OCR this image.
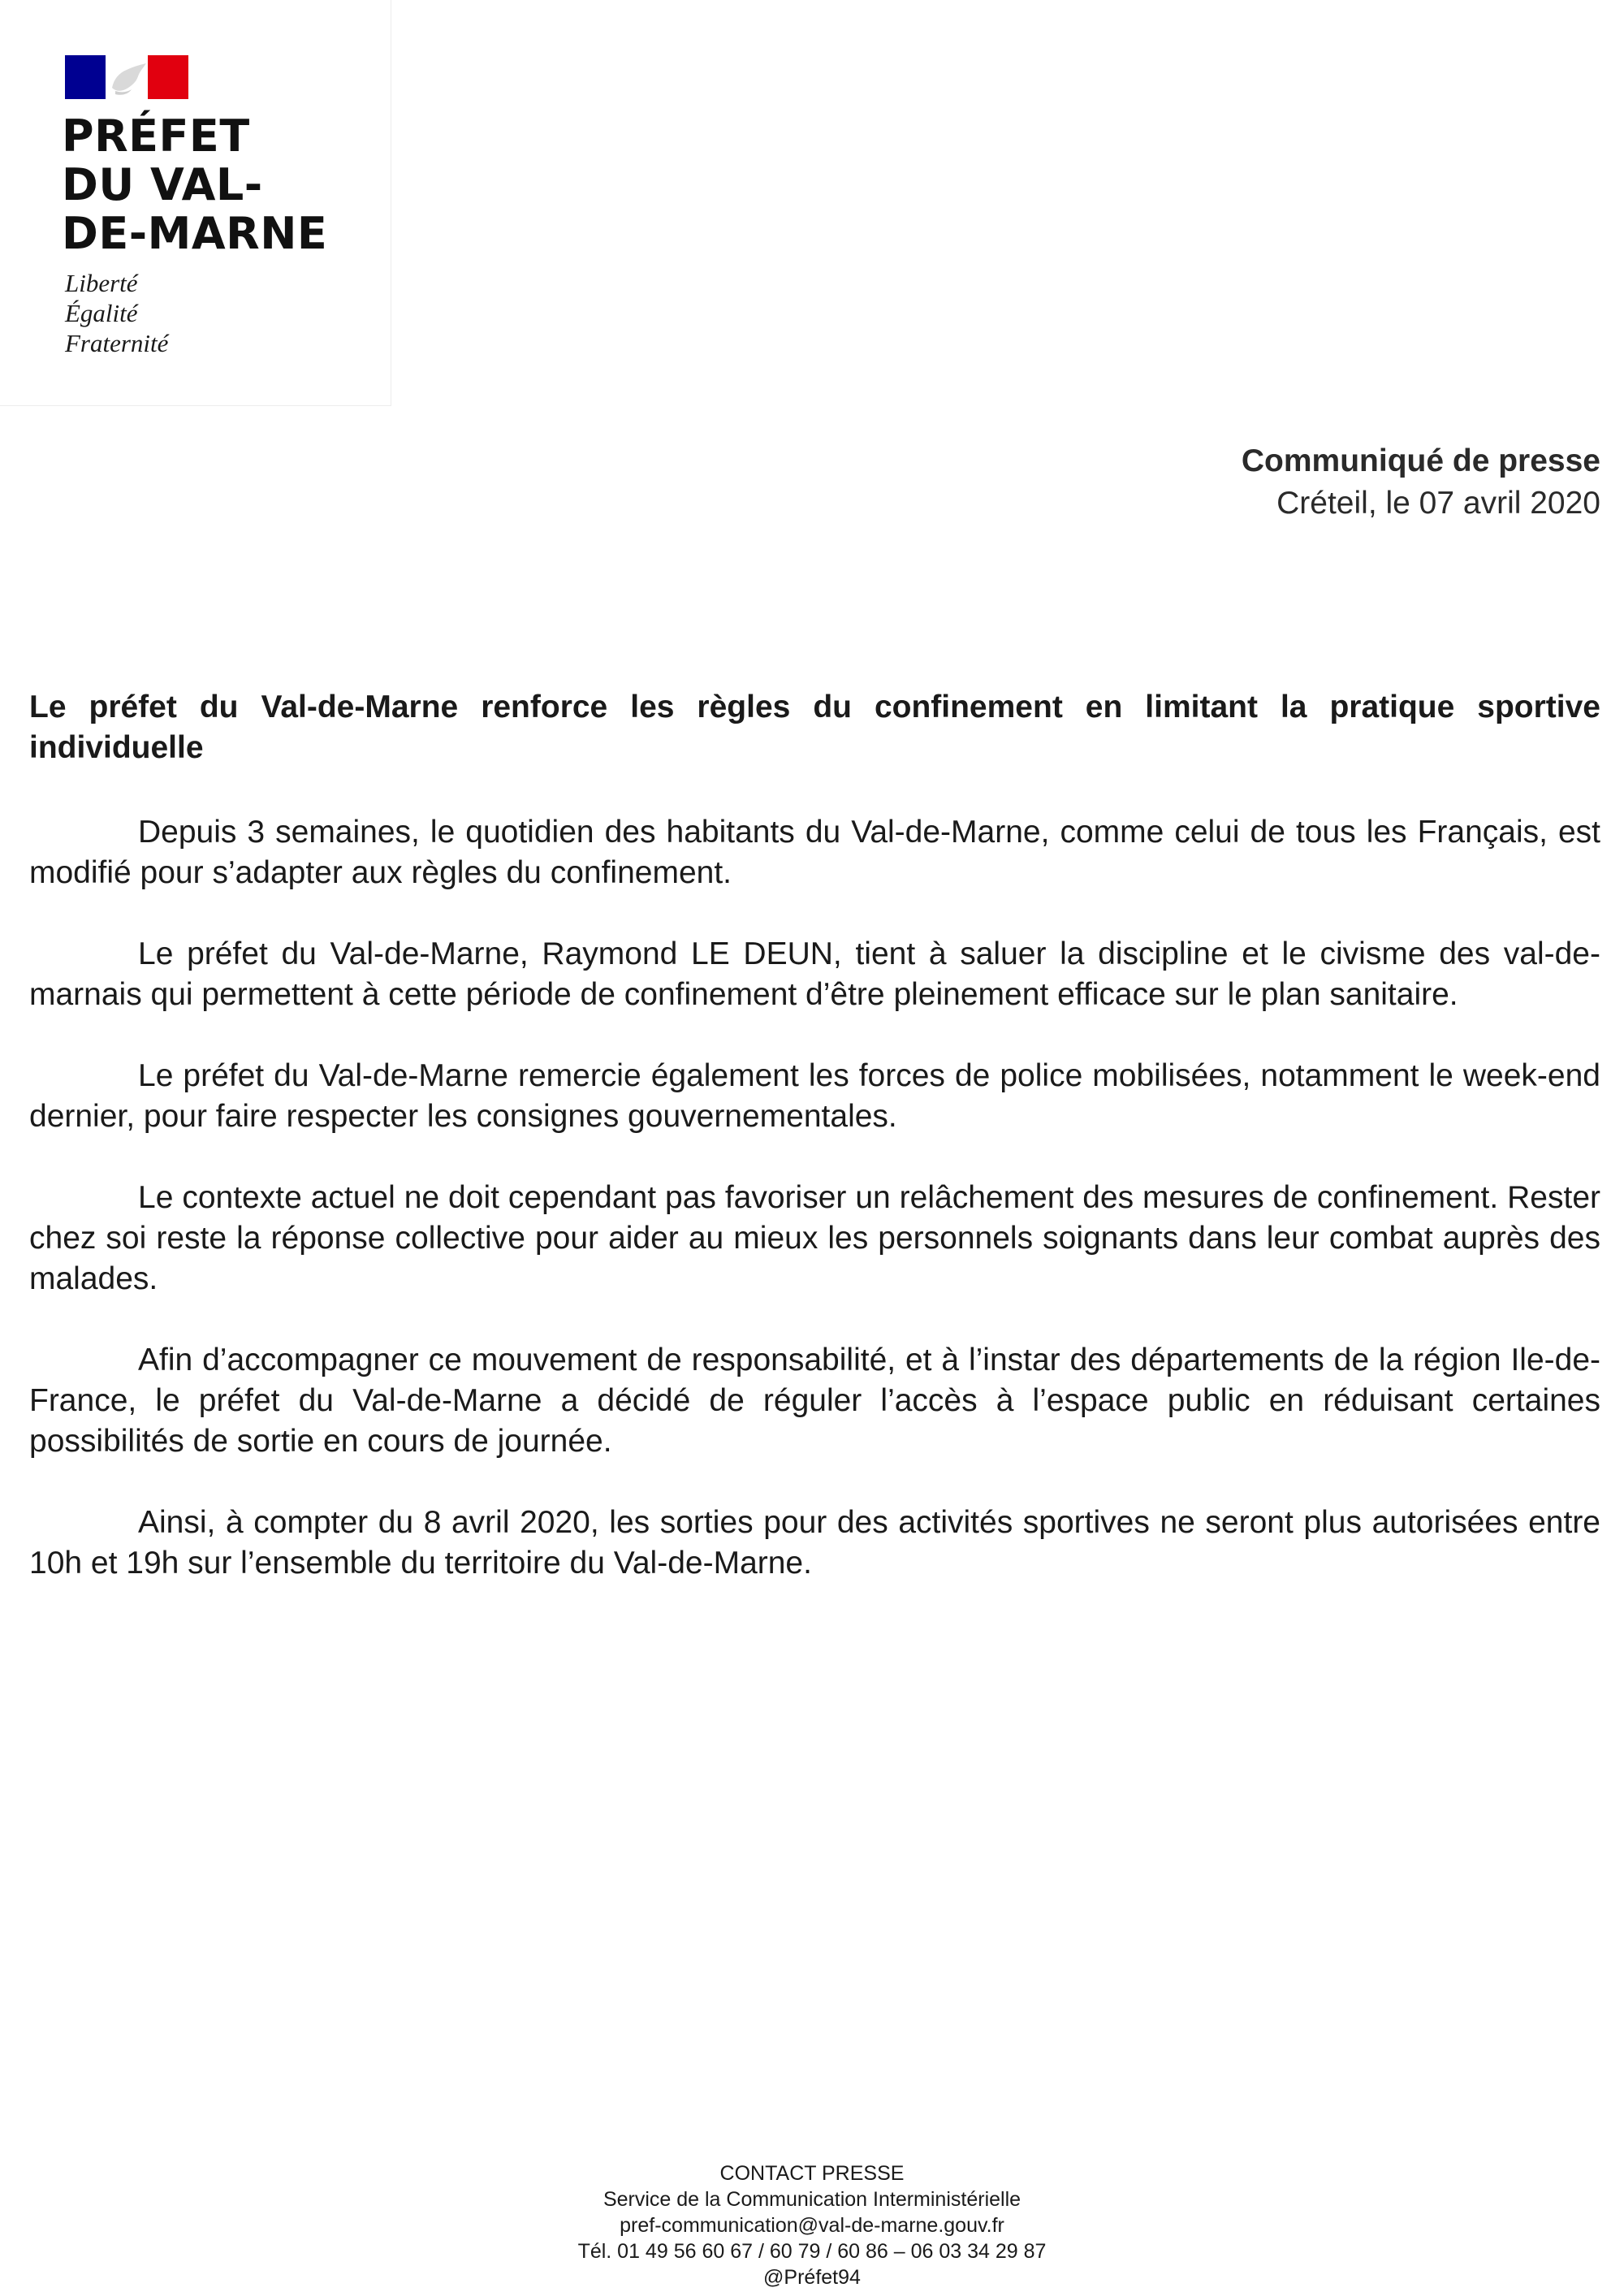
PRÉFET
DU VAL-
DE-MARNE
Liberté
Égalité
Fraternité
Communiqué de presse
Créteil, le 07 avril 2020
Le préfet du Val-de-Marne renforce les règles du confinement en limitant la pratique sportive individuelle

Depuis 3 semaines, le quotidien des habitants du Val-de-Marne, comme celui de tous les Français, est modifié pour s’adapter aux règles du confinement.

Le préfet du Val-de-Marne, Raymond LE DEUN, tient à saluer la discipline et le civisme des val-de-marnais qui permettent à cette période de confinement d’être pleinement efficace sur le plan sanitaire.

Le préfet du Val-de-Marne remercie également les forces de police mobilisées, notamment le week-end dernier, pour faire respecter les consignes gouvernementales.

Le contexte actuel ne doit cependant pas favoriser un relâchement des mesures de confinement. Rester chez soi reste la réponse collective pour aider au mieux les personnels soignants dans leur combat auprès des malades.

Afin d’accompagner ce mouvement de responsabilité, et à l’instar des départements de la région Ile-de-France, le préfet du Val-de-Marne a décidé de réguler l’accès à l’espace public en réduisant certaines possibilités de sortie en cours de journée.

Ainsi, à compter du 8 avril 2020, les sorties pour des activités sportives ne seront plus autorisées entre 10h et 19h sur l’ensemble du territoire du Val-de-Marne.

CONTACT PRESSE
Service de la Communication Interministérielle
pref-communication@val-de-marne.gouv.fr
Tél. 01 49 56 60 67 / 60 79 / 60 86 – 06 03 34 29 87
@Préfet94
